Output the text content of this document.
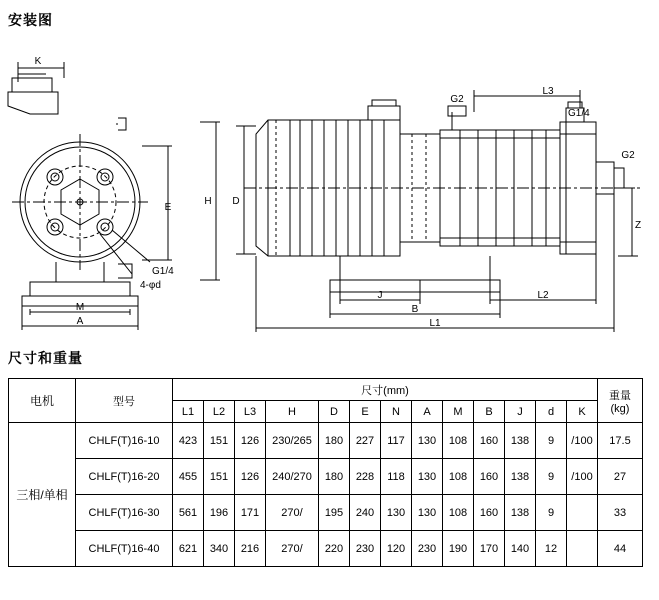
安装图
K
E
G1/4
4-φd
M
A
H D
G2
L3
G1/4
G2
Z
J	L2
B
L1
尺寸和重量
电机	型号	尺寸(mm)													重量
(kg)

		L1	L2	L3	H	D	E	N	A	M	B	J	d	K	
三相/单相	CHLF(T)16-10	423	151	126	230/265	180	227	117	130	108	160	138	9	/100	17.5
	CHLF(T)16-20	455	151	126	240/270	180	228	118	130	108	160	138	9	/100	27
	CHLF(T)16-30	561	196	171	270/	195	240	130	130	108	160	138	9		33
	CHLF(T)16-40	621	340	216	270/	220	230	120	230	190	170	140	12		44
